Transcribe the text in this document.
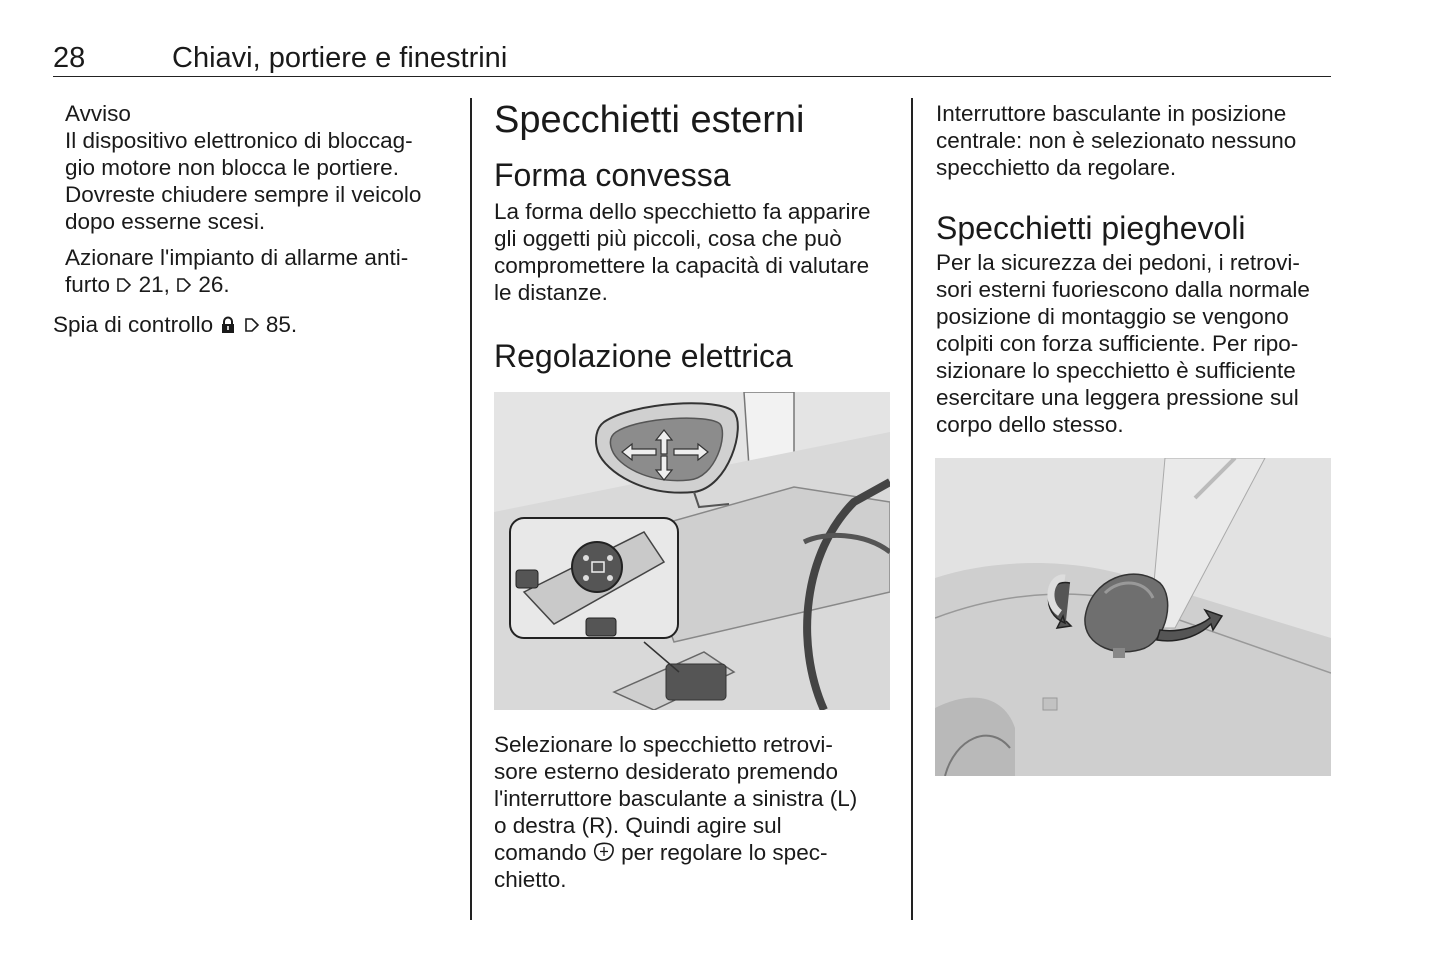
28	Chiavi, portiere e finestrini

Avviso

Il dispositivo elettronico di bloccag-
gio motore non blocca le portiere.
Dovreste chiudere sempre il veicolo
dopo esserne scesi.

Azionare l'impianto di allarme anti-
furto 21, 26.

Spia di controllo 85.

Specchietti esterni
Forma convessa

La forma dello specchietto fa apparire
gli oggetti più piccoli, cosa che può
compromettere la capacità di valutare
le distanze.

Regolazione elettrica
Selezionare lo specchietto retrovi-
sore esterno desiderato premendo
l'interruttore basculante a sinistra (L)
o destra (R). Quindi agire sul
comando per regolare lo spec-
chietto.

Interruttore basculante in posizione
centrale: non è selezionato nessuno
specchietto da regolare.

Specchietti pieghevoli

Per la sicurezza dei pedoni, i retrovi-
sori esterni fuoriescono dalla normale
posizione di montaggio se vengono
colpiti con forza sufficiente. Per ripo-
sizionare lo specchietto è sufficiente
esercitare una leggera pressione sul
corpo dello stesso.
